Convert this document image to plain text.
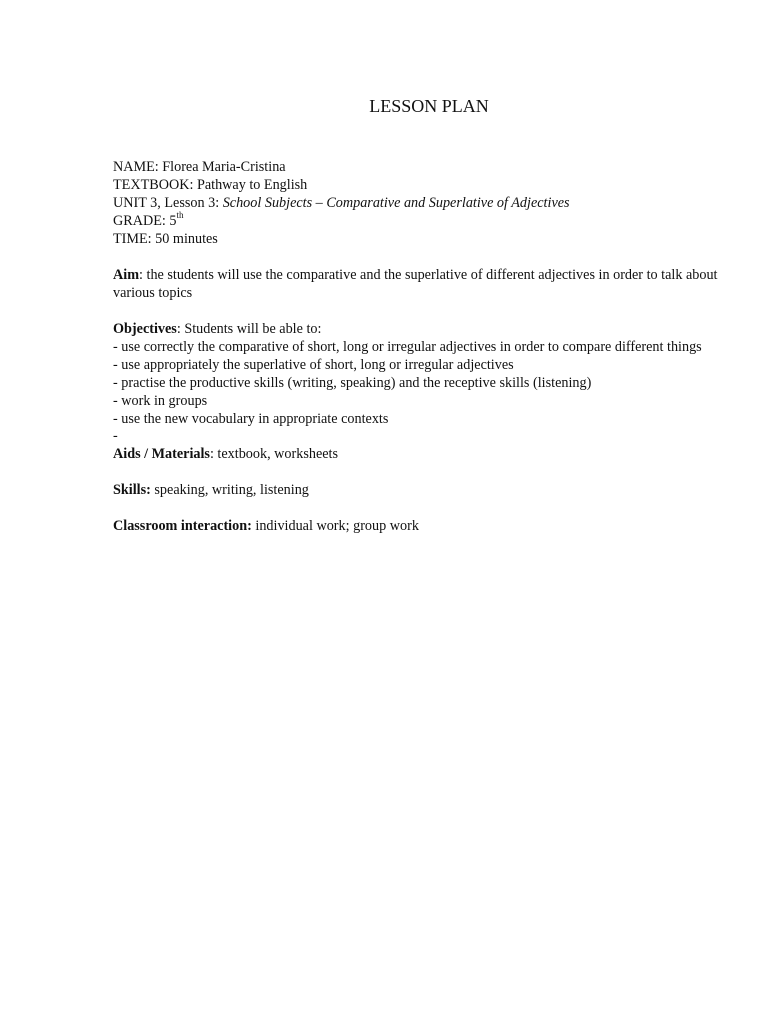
LESSON PLAN
NAME: Florea Maria-Cristina
TEXTBOOK: Pathway to English
UNIT 3, Lesson 3: School Subjects – Comparative and Superlative of Adjectives
GRADE: 5th
TIME: 50 minutes
Aim: the students will use the comparative and the superlative of different adjectives in order to talk about various topics
Objectives: Students will be able to:
- use correctly the comparative of short, long or irregular adjectives in order to compare different things
- use appropriately the superlative of short, long or irregular adjectives
- practise the productive skills (writing, speaking) and the receptive skills (listening)
- work in groups
- use the new vocabulary in appropriate contexts
-
Aids / Materials: textbook, worksheets
Skills: speaking, writing, listening
Classroom interaction: individual work; group work
